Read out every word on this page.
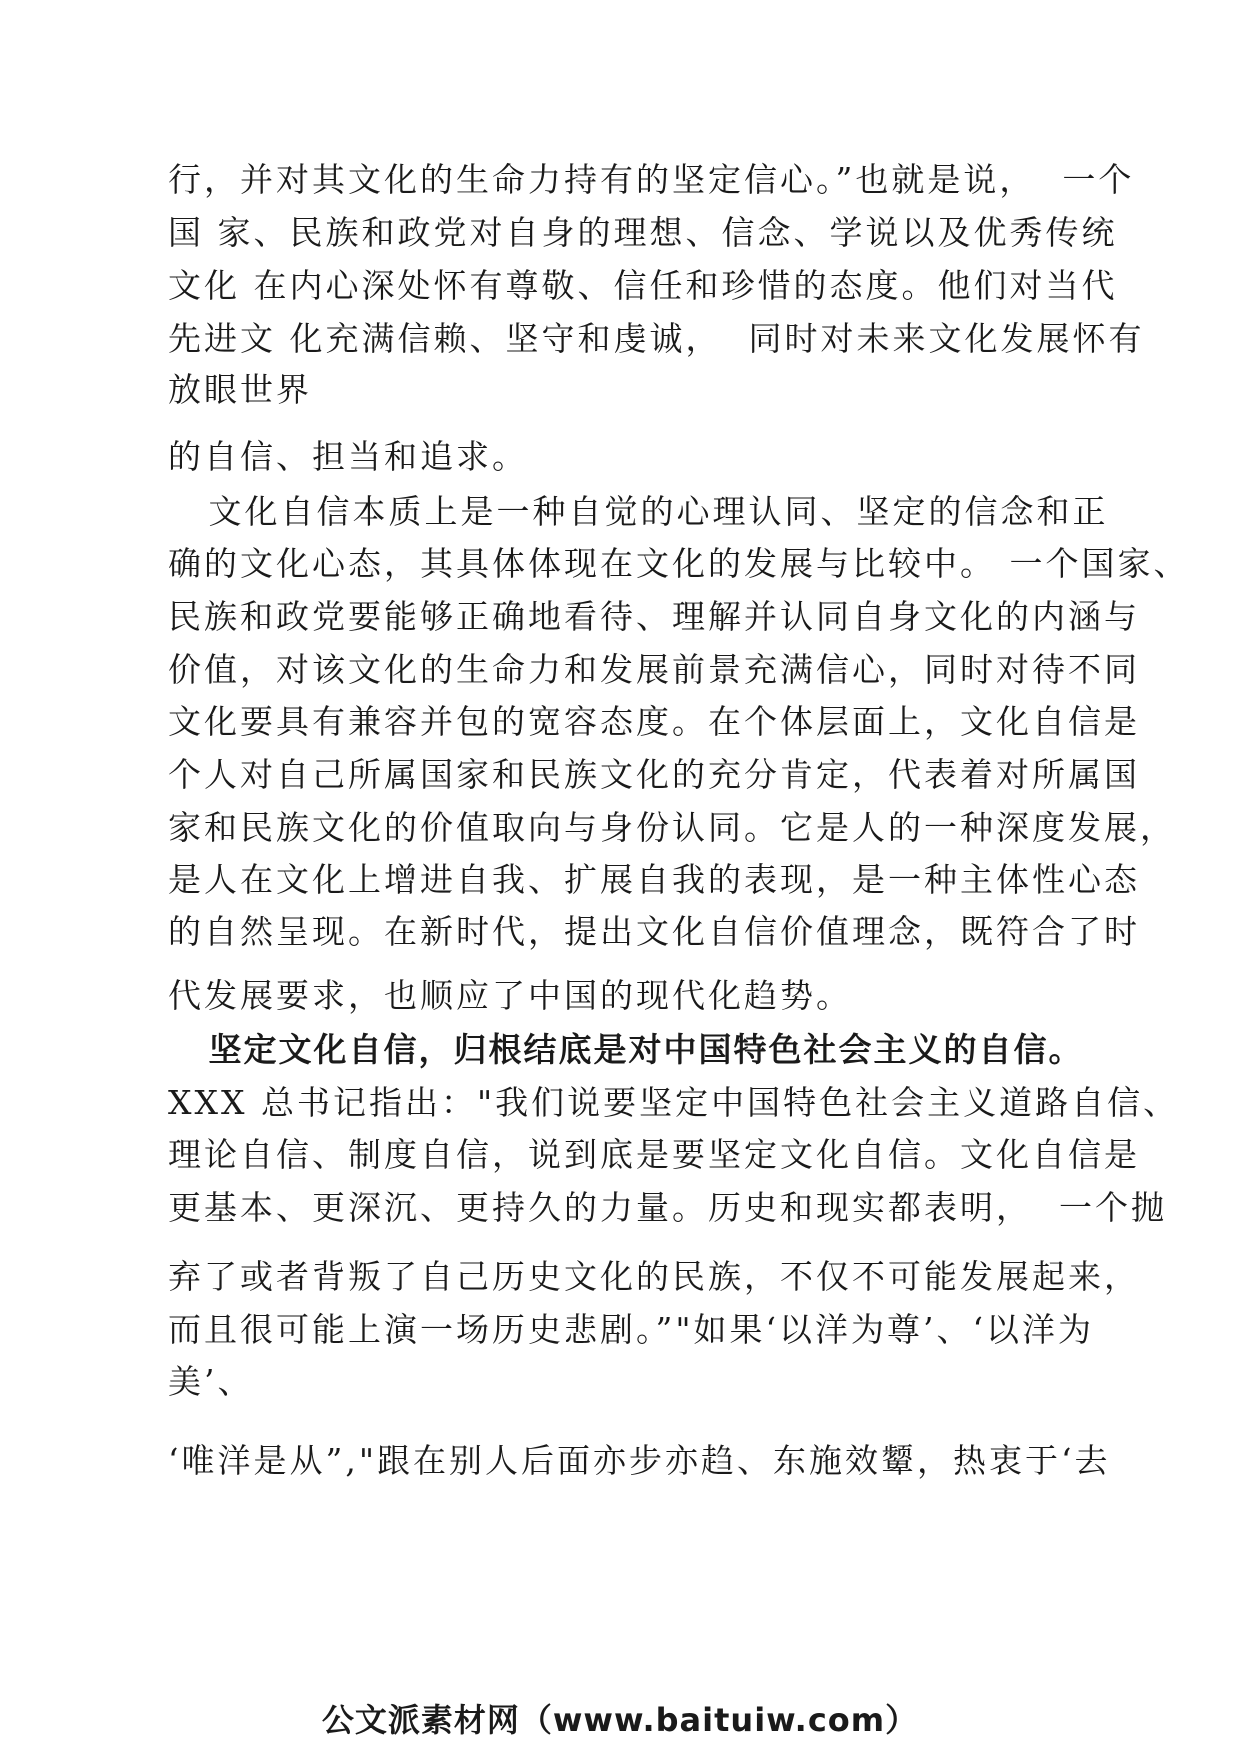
行，并对其文化的生命力持有的坚定信心。”也就是说，  一个
国 家、民族和政党对自身的理想、信念、学说以及优秀传统
文化 在内心深处怀有尊敬、信任和珍惜的态度。他们对当代
先进文 化充满信赖、坚守和虔诚，  同时对未来文化发展怀有
放眼世界
的自信、担当和追求。
文化自信本质上是一种自觉的心理认同、坚定的信念和正
确的文化心态，其具体体现在文化的发展与比较中。 一个国家、
民族和政党要能够正确地看待、理解并认同自身文化的内涵与
价值，对该文化的生命力和发展前景充满信心，同时对待不同
文化要具有兼容并包的宽容态度。在个体层面上，文化自信是
个人对自己所属国家和民族文化的充分肯定，代表着对所属国
家和民族文化的价值取向与身份认同。它是人的一种深度发展，
是人在文化上增进自我、扩展自我的表现，是一种主体性心态
的自然呈现。在新时代，提出文化自信价值理念，既符合了时
代发展要求，也顺应了中国的现代化趋势。
坚定文化自信，归根结底是对中国特色社会主义的自信。
XXX 总书记指出："我们说要坚定中国特色社会主义道路自信、
理论自信、制度自信，说到底是要坚定文化自信。文化自信是
更基本、更深沉、更持久的力量。历史和现实都表明，  一个抛
弃了或者背叛了自己历史文化的民族，不仅不可能发展起来，
而且很可能上演一场历史悲剧。”"如果‘以洋为尊’、‘以洋为
美’、
‘唯洋是从”,"跟在别人后面亦步亦趋、东施效颦，热衷于‘去
公文派素材网（www.baituiw.com）
